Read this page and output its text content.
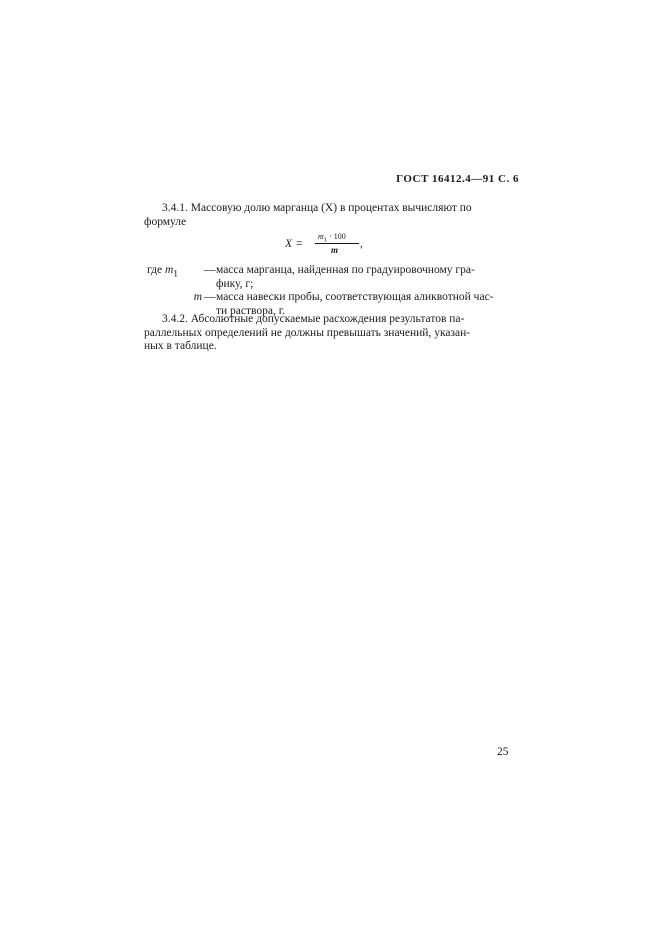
ГОСТ 16412.4—91 С. 6
3.4.1. Массовую долю марганца (X) в процентах вычисляют по
формуле
X =
$m_1 \cdot 100$
m ,
где $m_1$	— масса марганца, найденная по градуировочному гра-
фику, г;
m — масса навески пробы, соответствующая аликвотной час-
ти раствора, г.
3.4.2. Абсолютные допускаемые расхождения результатов па-
раллельных определений не должны превышать значений, указан-
ных в таблице.
25
